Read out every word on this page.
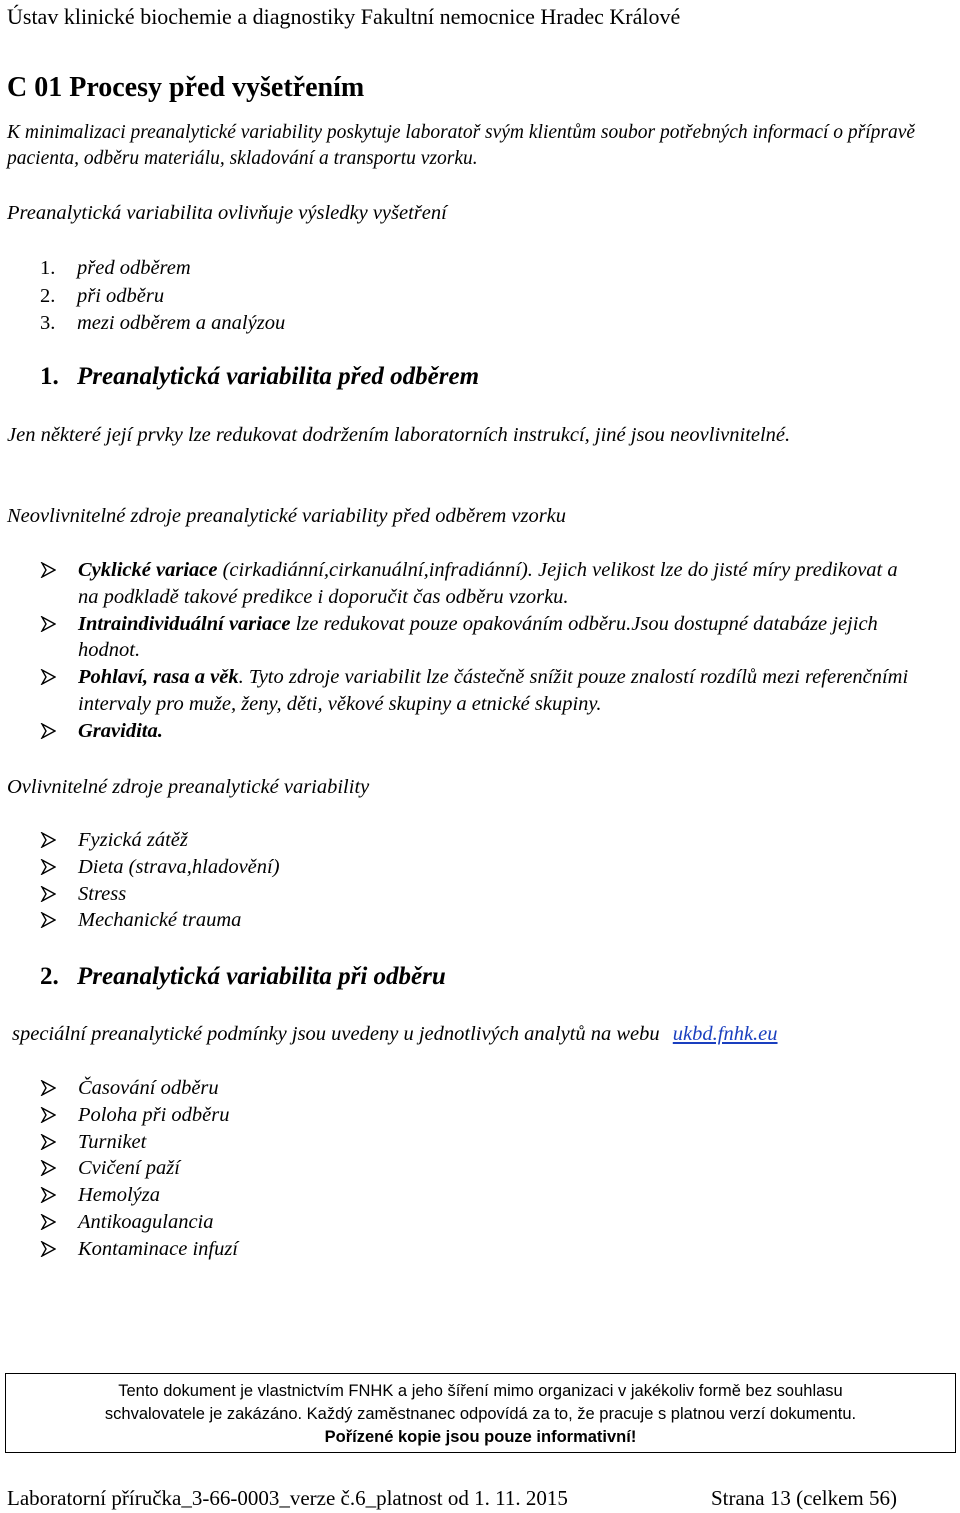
Ústav klinické biochemie a diagnostiky Fakultní nemocnice Hradec Králové
C 01 Procesy před vyšetřením
K minimalizaci preanalytické variability poskytuje laboratoř svým klientům soubor potřebných informací o přípravě pacienta, odběru materiálu, skladování a transportu vzorku.
Preanalytická variabilita ovlivňuje výsledky vyšetření
1. před odběrem
2. při odběru
3. mezi odběrem a analýzou
1. Preanalytická variabilita před odběrem
Jen některé její prvky lze redukovat dodržením laboratorních instrukcí, jiné jsou neovlivnitelné.
Neovlivnitelné zdroje preanalytické variability před odběrem vzorku
Cyklické variace (cirkadiánní,cirkanuální,infradiánní). Jejich velikost lze do jisté míry predikovat a na podkladě takové predikce i doporučit čas odběru vzorku.
Intraindividuální variace lze redukovat pouze opakováním odběru.Jsou dostupné databáze jejich hodnot.
Pohlaví, rasa a věk. Tyto zdroje variabilit lze částečně snížit pouze znalostí rozdílů mezi referenčními intervaly pro muže, ženy, děti, věkové skupiny a etnické skupiny.
Gravidita.
Ovlivnitelné zdroje preanalytické variability
Fyzická zátěž
Dieta (strava,hladovění)
Stress
Mechanické trauma
2. Preanalytická variabilita při odběru
speciální preanalytické podmínky jsou uvedeny u jednotlivých analytů na webu ukbd.fnhk.eu
Časování odběru
Poloha při odběru
Turniket
Cvičení paží
Hemolýza
Antikoagulancia
Kontaminace infuzí
Tento dokument je vlastnictvím FNHK a jeho šíření mimo organizaci v jakékoliv formě bez souhlasu
schvalovatele je zakázáno. Každý zaměstnanec odpovídá za to, že pracuje s platnou verzí dokumentu.
Pořízené kopie jsou pouze informativní!
Laboratorní příručka_3-66-0003_verze č.6_platnost od 1. 11. 2015	Strana 13 (celkem 56)
